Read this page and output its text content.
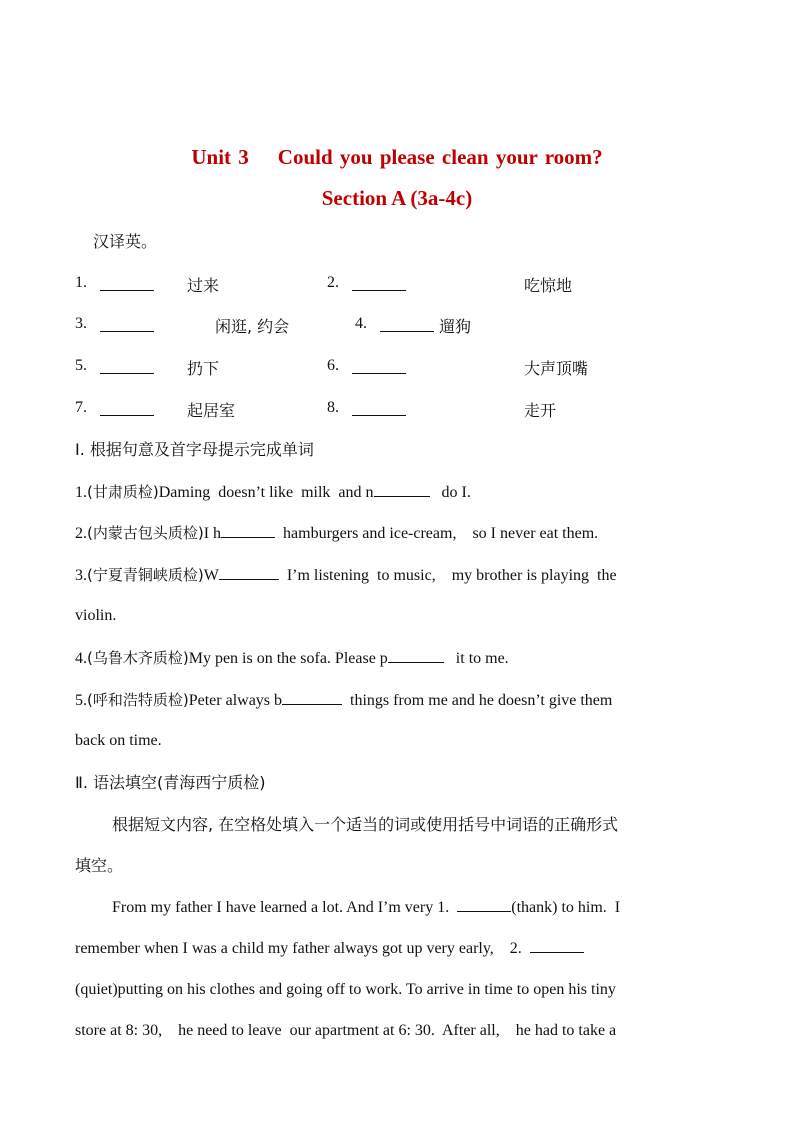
Unit 3    Could you please clean your room?
Section A (3a-4c)
汉译英。
1.	过来	2.	吃惊地
3.	闲逛, 约会	4.	遛狗
5.	扔下	6.	大声顶嘴
7.	起居室	8.	走开
Ⅰ. 根据句意及首字母提示完成单词
1.(甘肃质检)Daming  doesn’t like  milk  and n	do I.
2.(内蒙古包头质检)I h	hamburgers and ice-cream,    so I never eat them.
3.(宁夏青铜峡质检)W	I’m listening  to music,    my brother is playing  the
violin.
4.(乌鲁木齐质检)My pen is on the sofa. Please p	it to me.
5.(呼和浩特质检)Peter always b	things from me and he doesn’t give them
back on time.
Ⅱ. 语法填空(青海西宁质检)
根据短文内容, 在空格处填入一个适当的词或使用括号中词语的正确形式
填空。
From my father I have learned a lot. And I’m very 1.	(thank) to him.  I
remember when I was a child my father always got up very early,    2.
(quiet)putting on his clothes and going off to work. To arrive in time to open his tiny
store at 8: 30,    he need to leave  our apartment at 6: 30.  After all,    he had to take a
